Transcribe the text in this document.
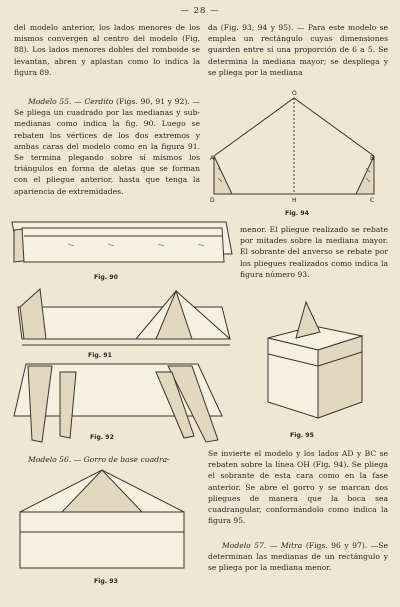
— 28 —

del modelo anterior, los lados menores de los mismos convergen al centro del modelo (Fig. 88). Los lados menores dobles del romboide se levantan, abren y aplastan como lo indica la figura 89.

Modelo 55. — Cerdito (Figs. 90, 91 y 92). — Se pliega un cuadrado por las medianas y sub-medianas como indica la fig. 90. Luego se rebaten los vértices de los dos extremos y ambas caras del modelo como en la figura 91. Se termina plegando sobre sí mismos los triángulos en forma de aletas que se forman con el pliegue anterior, hasta que tenga la apariencia de extremidades.

da (Fig. 93, 94 y 95). — Para este modelo se emplea un rectángulo cuyas dimensiones guarden entre sí una proporción de 6 a 5. Se determina la mediana mayor; se despliega y se pliega por la mediana

O
A	B
C
D	H
Fig. 94

menor. El pliegue realizado se rebate por mitades sobre la mediana mayor. El sobrante del anverso se rebate por los pliegues realizados como indica la figura número 93.

Fig. 90
Fig. 91
Fig. 92	Fig. 95

Modelo 56. — Gorro de base cuadra-

Fig. 93

Se invierte el modelo y los lados AD y BC se rebaten sobre la línea OH (Fig. 94). Se pliega el sobrante de esta cara como en la fase anterior. Se abre el gorro y se marcan dos pliegues de manera que la boca sea cuadrangular, conformándolo como indica la figura 95.

Modelo 57. — Mitra (Figs. 96 y 97). —Se determinan las medianas de un rectángulo y se pliega por la mediana menor.
